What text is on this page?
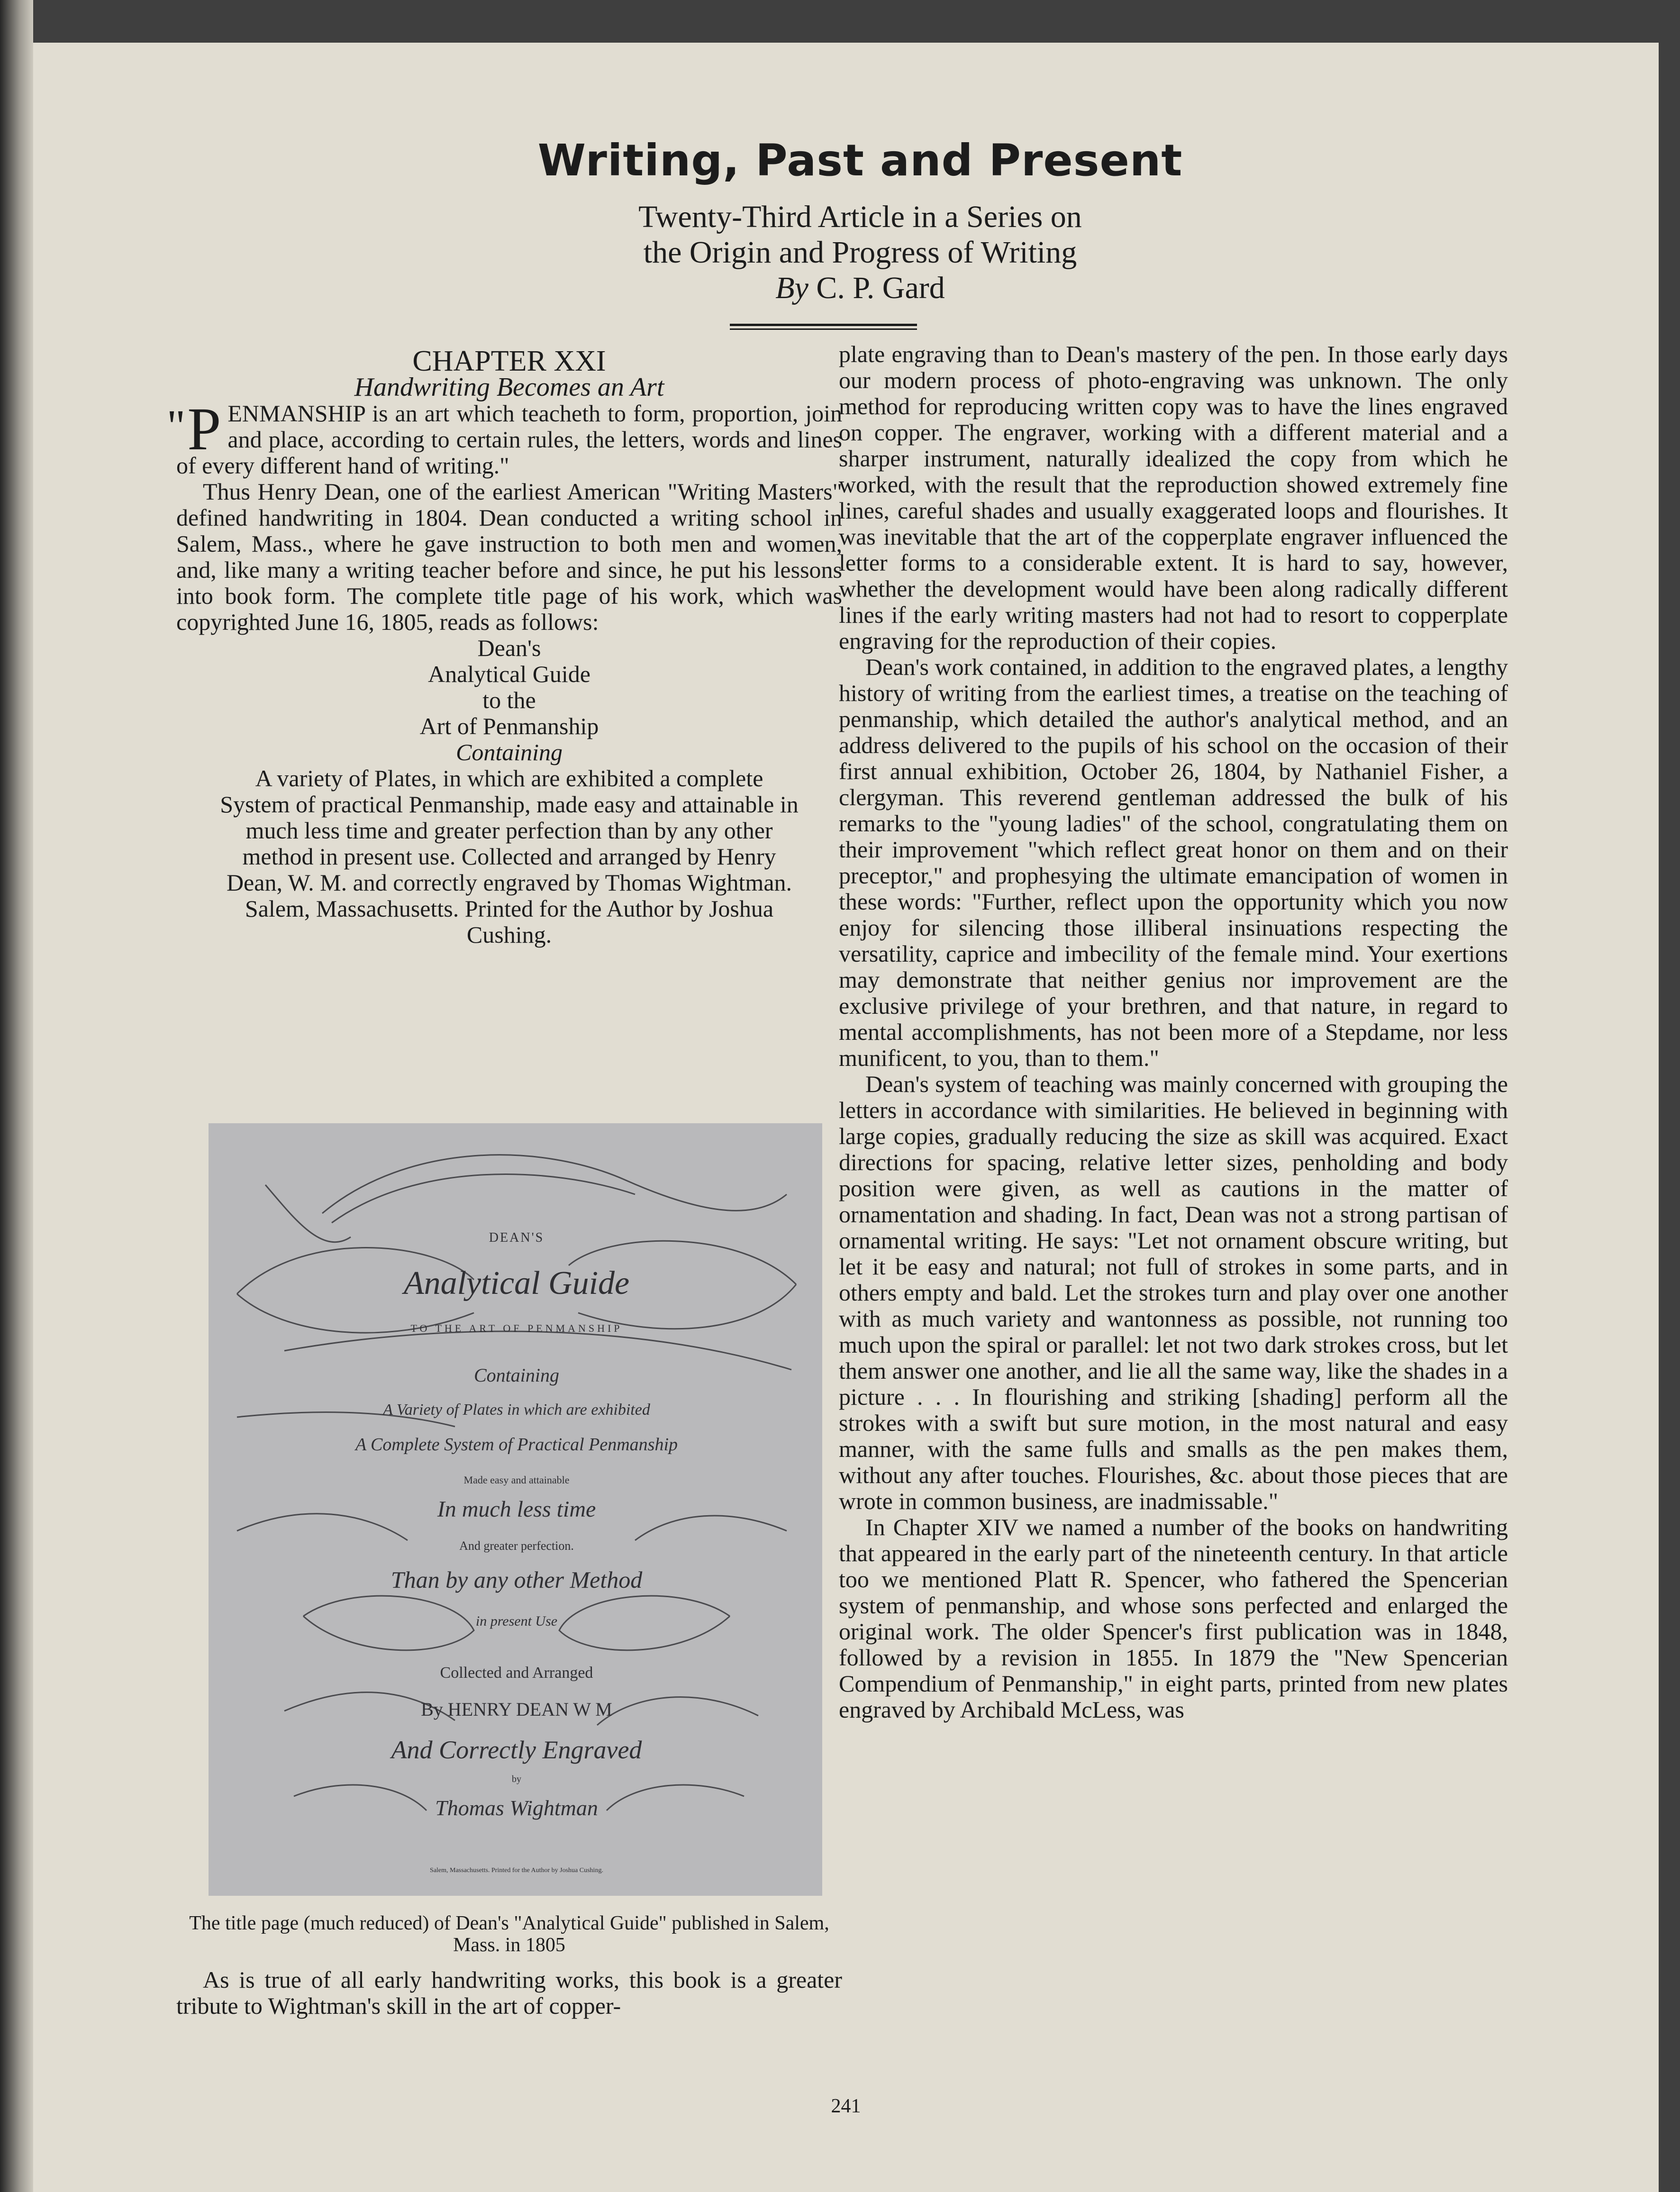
Writing, Past and Present
Twenty-Third Article in a Series on
the Origin and Progress of Writing
By C. P. Gard
CHAPTER XXI
Handwriting Becomes an Art

" P ENMANSHIP is an art which teacheth to form, proportion, join and place, according to certain rules, the letters, words and lines of every different hand of writing."

Thus Henry Dean, one of the earliest American "Writing Masters" defined handwriting in 1804. Dean conducted a writing school in Salem, Mass., where he gave instruction to both men and women, and, like many a writing teacher before and since, he put his lessons into book form. The complete title page of his work, which was copyrighted June 16, 1805, reads as follows:

Dean's
Analytical Guide
to the
Art of Penmanship
Containing
A variety of Plates, in which are exhibited a complete System of practical Penmanship, made easy and attainable in much less time and greater perfection than by any other method in present use. Collected and arranged by Henry Dean, W. M. and correctly engraved by Thomas Wightman. Salem, Massachusetts. Printed for the Author by Joshua Cushing.
DEAN'S
Analytical Guide
TO THE ART OF PENMANSHIP
Containing
A Variety of Plates in which are exhibited
A Complete System of Practical Penmanship
Made easy and attainable
In much less time
And greater perfection.
Than by any other Method
in present Use
Collected and Arranged
By HENRY DEAN W M
And Correctly Engraved
by
Thomas Wightman
Salem, Massachusetts. Printed for the Author by Joshua Cushing.
The title page (much reduced) of Dean's "Analytical Guide" published in Salem, Mass. in 1805

As is true of all early handwriting works, this book is a greater tribute to Wightman's skill in the art of copper-

plate engraving than to Dean's mastery of the pen. In those early days our modern process of photo-engraving was unknown. The only method for reproducing written copy was to have the lines engraved on copper. The engraver, working with a different material and a sharper instrument, naturally idealized the copy from which he worked, with the result that the reproduction showed extremely fine lines, careful shades and usually exaggerated loops and flourishes. It was inevitable that the art of the copperplate engraver influenced the letter forms to a considerable extent. It is hard to say, however, whether the development would have been along radically different lines if the early writing masters had not had to resort to copperplate engraving for the reproduction of their copies.

Dean's work contained, in addition to the engraved plates, a lengthy history of writing from the earliest times, a treatise on the teaching of penmanship, which detailed the author's analytical method, and an address delivered to the pupils of his school on the occasion of their first annual exhibition, October 26, 1804, by Nathaniel Fisher, a clergyman. This reverend gentleman addressed the bulk of his remarks to the "young ladies" of the school, congratulating them on their improvement "which reflect great honor on them and on their preceptor," and prophesying the ultimate emancipation of women in these words: "Further, reflect upon the opportunity which you now enjoy for silencing those illiberal insinuations respecting the versatility, caprice and imbecility of the female mind. Your exertions may demonstrate that neither genius nor improvement are the exclusive privilege of your brethren, and that nature, in regard to mental accomplishments, has not been more of a Stepdame, nor less munificent, to you, than to them."

Dean's system of teaching was mainly concerned with grouping the letters in accordance with similarities. He believed in beginning with large copies, gradually reducing the size as skill was acquired. Exact directions for spacing, relative letter sizes, penholding and body position were given, as well as cautions in the matter of ornamentation and shading. In fact, Dean was not a strong partisan of ornamental writing. He says: "Let not ornament obscure writing, but let it be easy and natural; not full of strokes in some parts, and in others empty and bald. Let the strokes turn and play over one another with as much variety and wantonness as possible, not running too much upon the spiral or parallel: let not two dark strokes cross, but let them answer one another, and lie all the same way, like the shades in a picture . . . In flourishing and striking [shading] perform all the strokes with a swift but sure motion, in the most natural and easy manner, with the same fulls and smalls as the pen makes them, without any after touches. Flourishes, &c. about those pieces that are wrote in common business, are inadmissable."

In Chapter XIV we named a number of the books on handwriting that appeared in the early part of the nineteenth century. In that article too we mentioned Platt R. Spencer, who fathered the Spencerian system of penmanship, and whose sons perfected and enlarged the original work. The older Spencer's first publication was in 1848, followed by a revision in 1855. In 1879 the "New Spencerian Compendium of Penmanship," in eight parts, printed from new plates engraved by Archibald McLess, was

241
